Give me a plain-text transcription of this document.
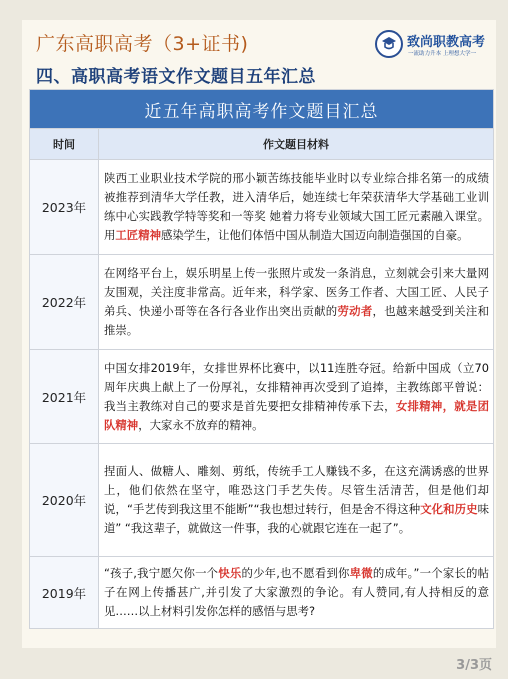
广东高职高考（3+证书)
四、高职高考语文作文题目五年汇总
致尚职教高考
一流助力升本 上理想大学一
近五年高职高考作文题目汇总	
时间	作文题目材料
2023年	陕西工业职业技术学院的邢小颖苦练技能毕业时以专业综合排名第一的成绩被推荐到清华大学任教，进入清华后，她连续七年荣获清华大学基础工业训练中心实践教学特等奖和一等奖 她着力将专业领域大国工匠元素融入课堂。用工匠精神感染学生，让他们体悟中国从制造大国迈向制造强国的自豪。
2022年	在网络平台上，娱乐明星上传一张照片或发一条消息，立刻就会引来大量网友围观，关注度非常高。近年来，科学家、医务工作者、大国工匠、人民子弟兵、快递小哥等在各行各业作出突出贡献的劳动者，也越来越受到关注和推崇。
2021年	中国女排2019年，女排世界杯比赛中，以11连胜夺冠。给新中国成（立70周年庆典上献上了一份厚礼，女排精神再次受到了追捧，主教练郎平曾说：我当主教练对自己的要求是首先要把女排精神传承下去，女排精神，就是团队精神，大家永不放弃的精神。
2020年	捏面人、做糖人、雕刻、剪纸，传统手工人赚钱不多，在这充满诱惑的世界上，他们依然在坚守，唯恐这门手艺失传。尽管生活清苦，但是他们却说，“手艺传到我这里不能断”“我也想过转行，但是舍不得这种文化和历史味道” “我这辈子，就做这一件事，我的心就跟它连在一起了”。
2019年	“孩子,我宁愿欠你一个快乐的少年,也不愿看到你卑微的成年。”一个家长的帖子在网上传播甚广,并引发了大家激烈的争论。有人赞同,有人持相反的意见……以上材料引发你怎样的感悟与思考?
3/3页
